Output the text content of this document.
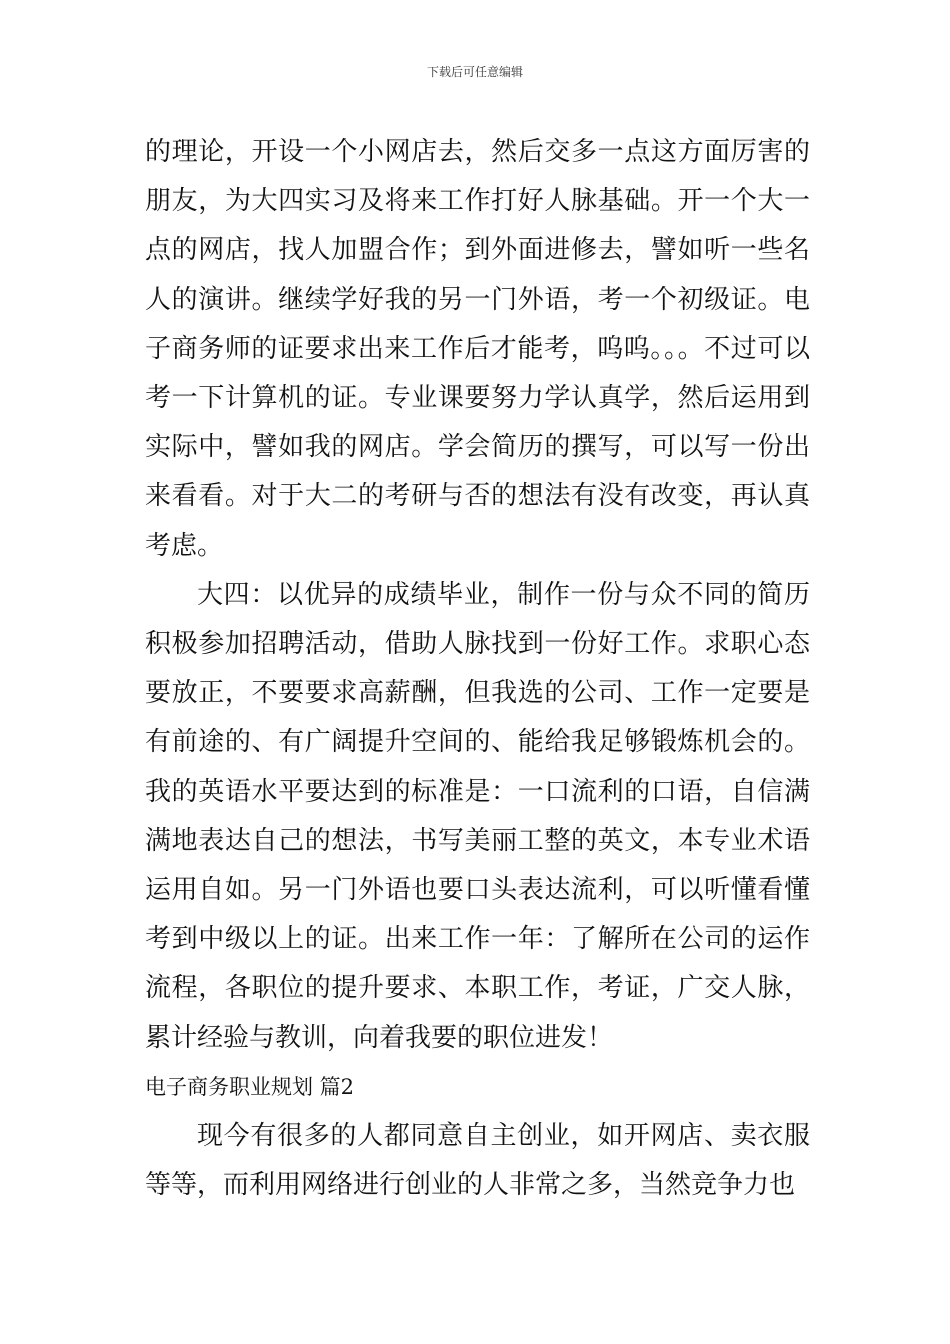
下载后可任意编辑

的理论，开设一个小网店去，然后交多一点这方面厉害的朋友，为大四实习及将来工作打好人脉基础。开一个大一点的网店，找人加盟合作；到外面进修去，譬如听一些名人的演讲。继续学好我的另一门外语，考一个初级证。电子商务师的证要求出来工作后才能考，呜呜。。。不过可以考一下计算机的证。专业课要努力学认真学，然后运用到实际中，譬如我的网店。学会简历的撰写，可以写一份出来看看。对于大二的考研与否的想法有没有改变，再认真考虑。

大四：以优异的成绩毕业，制作一份与众不同的简历积极参加招聘活动，借助人脉找到一份好工作。求职心态要放正，不要要求高薪酬，但我选的公司、工作一定要是有前途的、有广阔提升空间的、能给我足够锻炼机会的。我的英语水平要达到的标准是：一口流利的口语，自信满满地表达自己的想法，书写美丽工整的英文，本专业术语运用自如。另一门外语也要口头表达流利，可以听懂看懂考到中级以上的证。出来工作一年：了解所在公司的运作流程，各职位的提升要求、本职工作，考证，广交人脉，累计经验与教训，向着我要的职位进发！

电子商务职业规划 篇2

现今有很多的人都同意自主创业，如开网店、卖衣服等等，而利用网络进行创业的人非常之多，当然竞争力也
